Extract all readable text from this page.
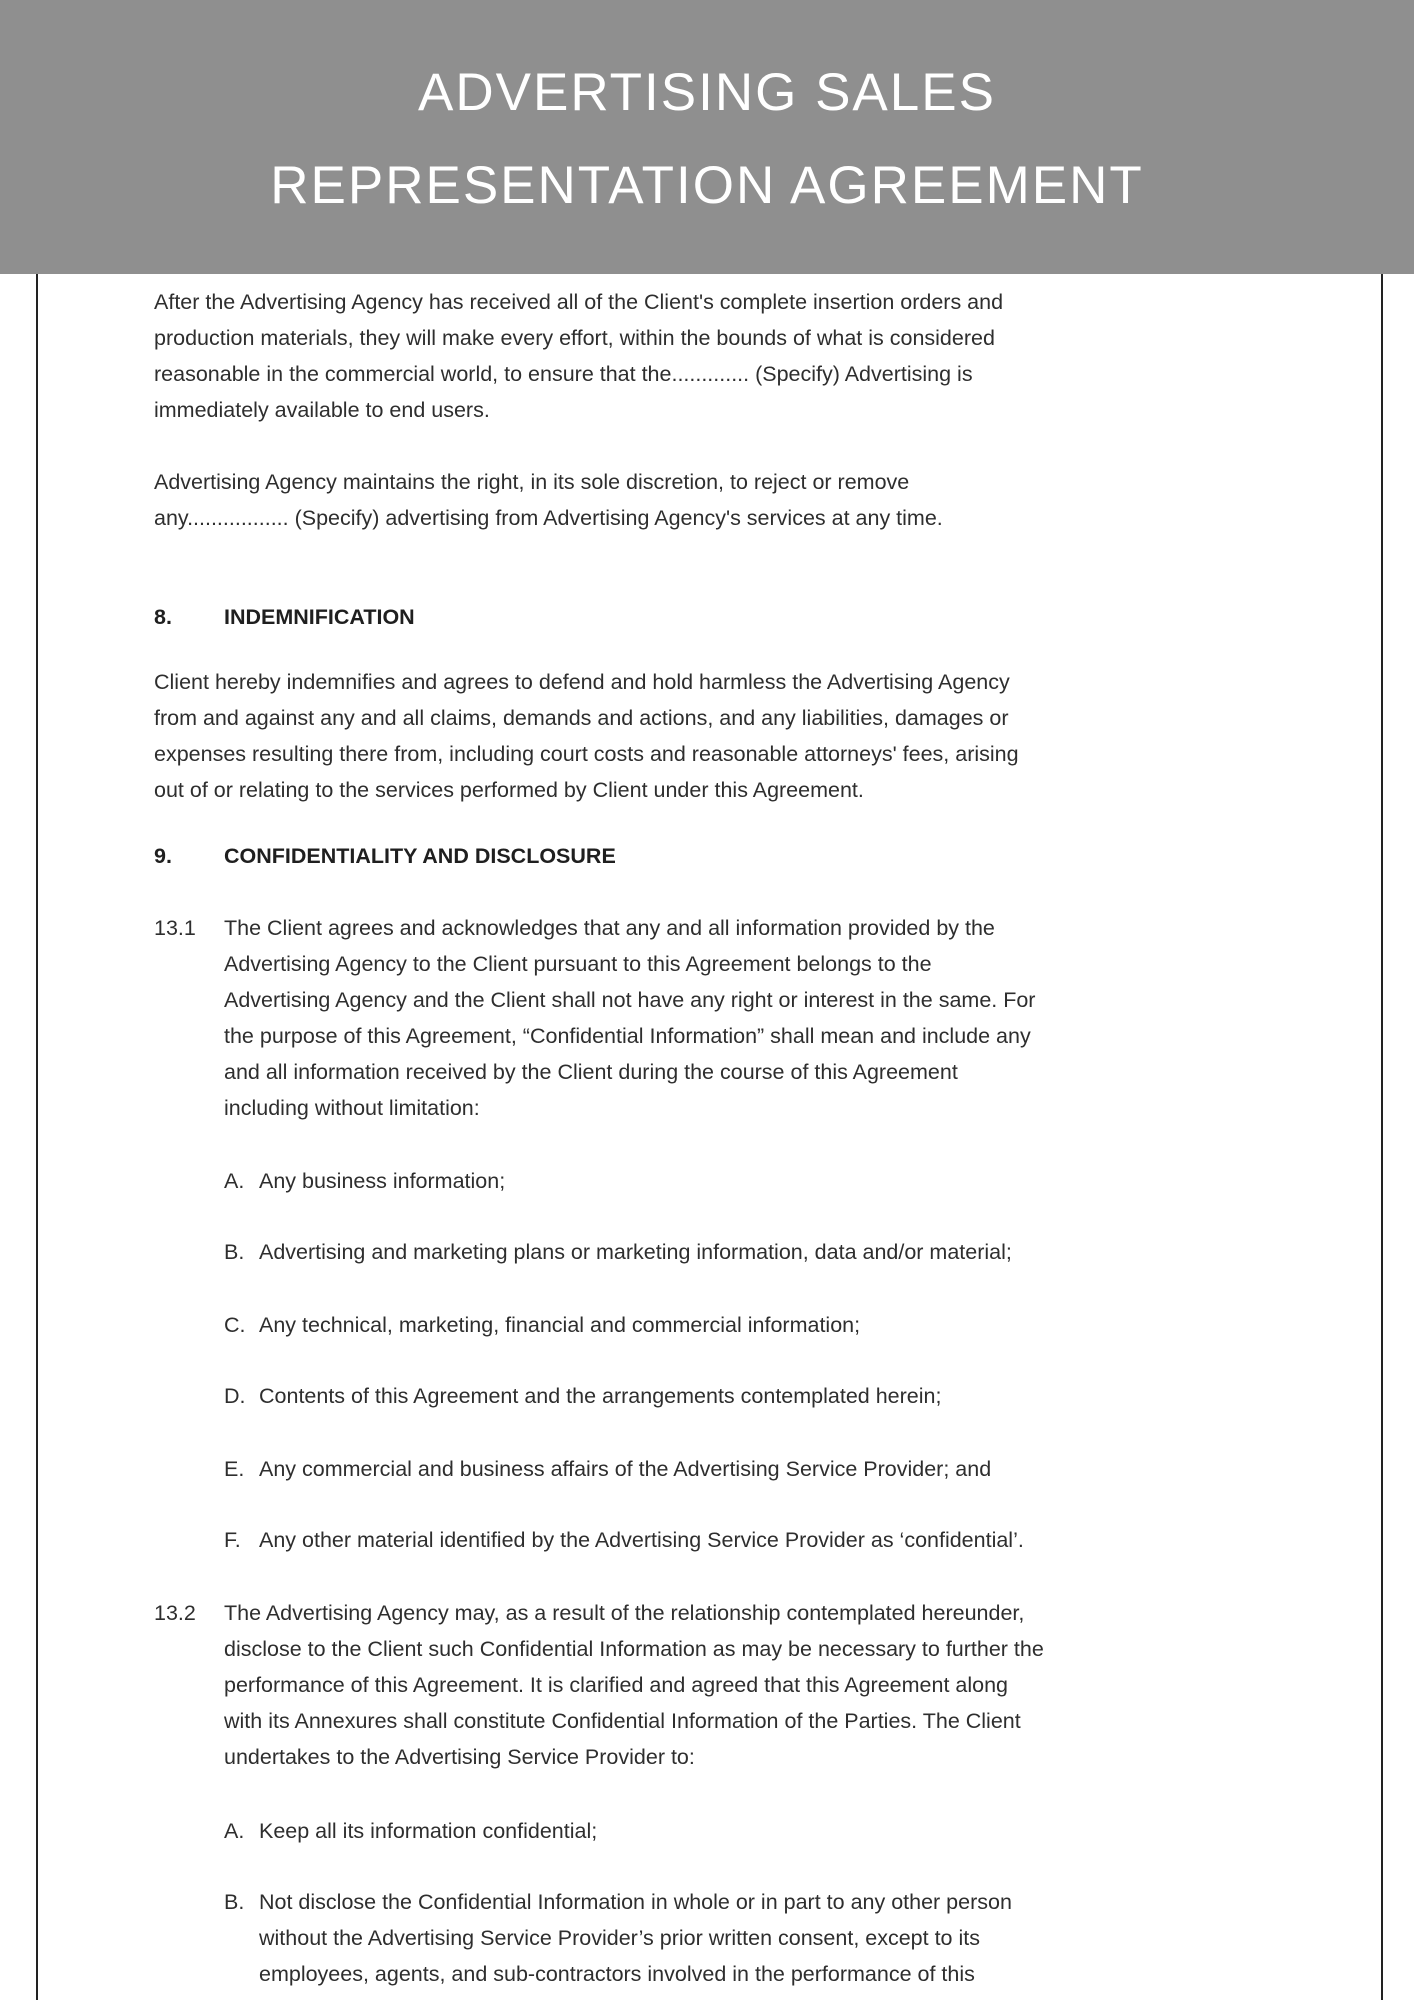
ADVERTISING SALES
REPRESENTATION AGREEMENT
After the Advertising Agency has received all of the Client's complete insertion orders and
production materials, they will make every effort, within the bounds of what is considered
reasonable in the commercial world, to ensure that the............. (Specify) Advertising is
immediately available to end users.
Advertising Agency maintains the right, in its sole discretion, to reject or remove
any................. (Specify) advertising from Advertising Agency's services at any time.
8. INDEMNIFICATION
Client hereby indemnifies and agrees to defend and hold harmless the Advertising Agency
from and against any and all claims, demands and actions, and any liabilities, damages or
expenses resulting there from, including court costs and reasonable attorneys' fees, arising
out of or relating to the services performed by Client under this Agreement.
9. CONFIDENTIALITY AND DISCLOSURE
13.1 The Client agrees and acknowledges that any and all information provided by the
Advertising Agency to the Client pursuant to this Agreement belongs to the
Advertising Agency and the Client shall not have any right or interest in the same. For
the purpose of this Agreement, “Confidential Information” shall mean and include any
and all information received by the Client during the course of this Agreement
including without limitation:
A. Any business information;
B. Advertising and marketing plans or marketing information, data and/or material;
C. Any technical, marketing, financial and commercial information;
D. Contents of this Agreement and the arrangements contemplated herein;
E. Any commercial and business affairs of the Advertising Service Provider; and
F. Any other material identified by the Advertising Service Provider as ‘confidential’.
13.2 The Advertising Agency may, as a result of the relationship contemplated hereunder,
disclose to the Client such Confidential Information as may be necessary to further the
performance of this Agreement. It is clarified and agreed that this Agreement along
with its Annexures shall constitute Confidential Information of the Parties. The Client
undertakes to the Advertising Service Provider to:
A. Keep all its information confidential;
B. Not disclose the Confidential Information in whole or in part to any other person
without the Advertising Service Provider’s prior written consent, except to its
employees, agents, and sub-contractors involved in the performance of this
